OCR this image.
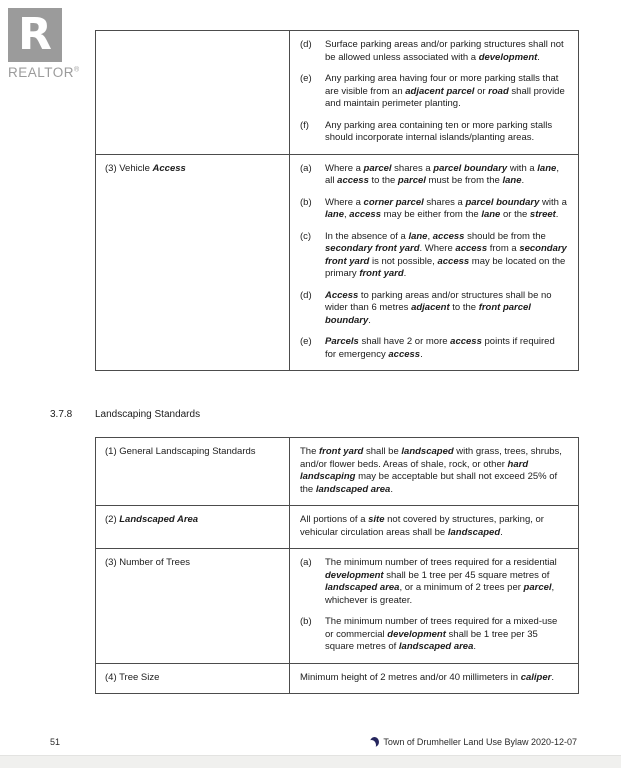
R
REALTOR®
(d)	Surface parking areas and/or parking structures shall not be allowed unless associated with a development.
(e)	Any parking area having four or more parking stalls that are visible from an adjacent parcel or road shall provide and maintain perimeter planting.
(f)	Any parking area containing ten or more parking stalls should incorporate internal islands/planting areas.
(3) Vehicle Access	(a)	Where a parcel shares a parcel boundary with a lane, all access to the parcel must be from the lane.
(b)	Where a corner parcel shares a parcel boundary with a lane, access may be either from the lane or the street.
(c)	In the absence of a lane, access should be from the secondary front yard. Where access from a secondary front yard is not possible, access may be located on the primary front yard.
(d)	Access to parking areas and/or structures shall be no wider than 6 metres adjacent to the front parcel boundary.
(e)	Parcels shall have 2 or more access points if required for emergency access.
3.7.8	Landscaping Standards
(1) General Landscaping Standards	The front yard shall be landscaped with grass, trees, shrubs, and/or flower beds. Areas of shale, rock, or other hard landscaping may be acceptable but shall not exceed 25% of the landscaped area.
(2) Landscaped Area	All portions of a site not covered by structures, parking, or vehicular circulation areas shall be landscaped.
(3) Number of Trees	(a)	The minimum number of trees required for a residential development shall be 1 tree per 45 square metres of landscaped area, or a minimum of 2 trees per parcel, whichever is greater.
(b)	The minimum number of trees required for a mixed-use or commercial development shall be 1 tree per 35 square metres of landscaped area.
(4) Tree Size	Minimum height of 2 metres and/or 40 millimeters in caliper.
51	Town of Drumheller Land Use Bylaw 2020-12-07
